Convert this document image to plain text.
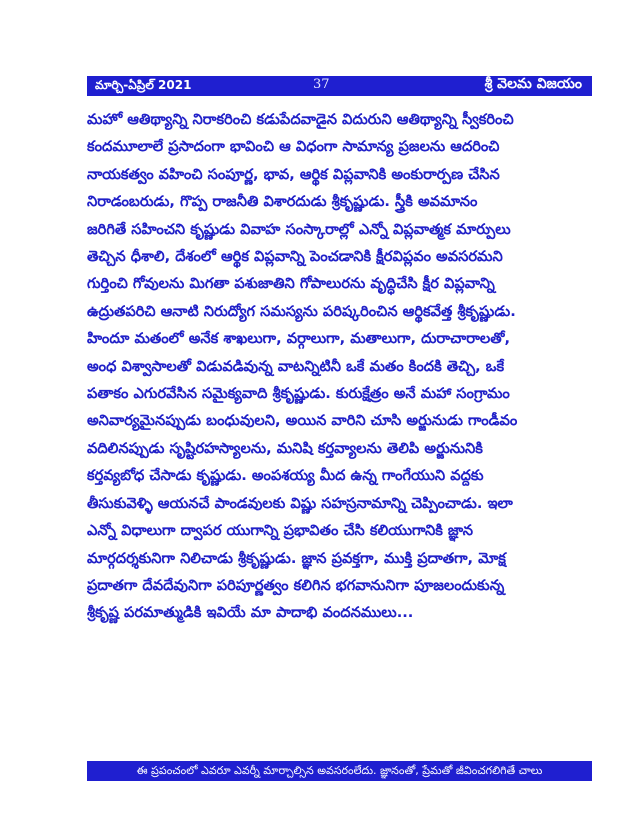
మార్చి-ఏప్రిల్ 2021	37	శ్రీ వెలమ విజయం
మహో ఆతిథ్యాన్ని నిరాకరించి కడుపేదవాడైన విదురుని ఆతిథ్యాన్ని స్వీకరించి
కందమూలాలే ప్రసాదంగా భావించి ఆ విధంగా సామాన్య ప్రజలను ఆదరించి
నాయకత్వం వహించి సంపూర్ణ, భావ, ఆర్థిక విప్లవానికి అంకురార్పణ చేసిన
నిరాడంబరుడు, గొప్ప రాజనీతి విశారదుడు శ్రీకృష్ణుడు. స్త్రీకి అవమానం
జరిగితే సహించని కృష్ణుడు వివాహ సంస్కారాల్లో ఎన్నో విప్లవాత్మక మార్పులు
తెచ్చిన ధీశాలి, దేశంలో ఆర్థిక విప్లవాన్ని పెంచడానికి క్షీరవిప్లవం అవసరమని
గుర్తించి గోవులను మిగతా పశుజాతిని గోపాలురను వృద్ధిచేసి క్షీర విప్లవాన్ని
ఉద్రుతపరిచి ఆనాటి నిరుద్యోగ సమస్యను పరిష్కరించిన ఆర్థికవేత్త శ్రీకృష్ణుడు.
హిందూ మతంలో అనేక శాఖలుగా, వర్గాలుగా, మతాలుగా, దురాచారాలతో,
అంధ విశ్వాసాలతో విడువడివున్న వాటన్నిటినీ ఒకే మతం కిందకి తెచ్చి, ఒకే
పతాకం ఎగురవేసిన సమైక్యవాది శ్రీకృష్ణుడు. కురుక్షేత్రం అనే మహా సంగ్రామం
అనివార్యమైనప్పుడు బంధువులని, అయిన వారిని చూసి అర్జునుడు గాండీవం
వదిలినప్పుడు సృష్టిరహస్యాలను, మనిషి కర్తవ్యాలను తెలిపి అర్జునునికి
కర్తవ్యబోధ చేసాడు కృష్ణుడు. అంపశయ్య మీద ఉన్న గాంగేయుని వద్దకు
తీసుకువెళ్ళి ఆయనచే పాండవులకు విష్ణు సహస్రనామాన్ని చెప్పించాడు. ఇలా
ఎన్నో విధాలుగా ద్వాపర యుగాన్ని ప్రభావితం చేసి కలియుగానికి జ్ఞాన
మార్గదర్శకునిగా నిలిచాడు శ్రీకృష్ణుడు. జ్ఞాన ప్రవక్తగా, ముక్తి ప్రదాతగా, మోక్ష
ప్రదాతగా దేవదేవునిగా పరిపూర్ణత్వం కలిగిన భగవానునిగా పూజలందుకున్న
శ్రీకృష్ణ పరమాత్ముడికి ఇవియే మా పాదాభి వందనములు...
ఈ ప్రపంచంలో ఎవరూ ఎవర్నీ మార్చాల్సిన అవసరంలేదు. జ్ఞానంతో, ప్రేమతో జీవించగలిగితే చాలు
